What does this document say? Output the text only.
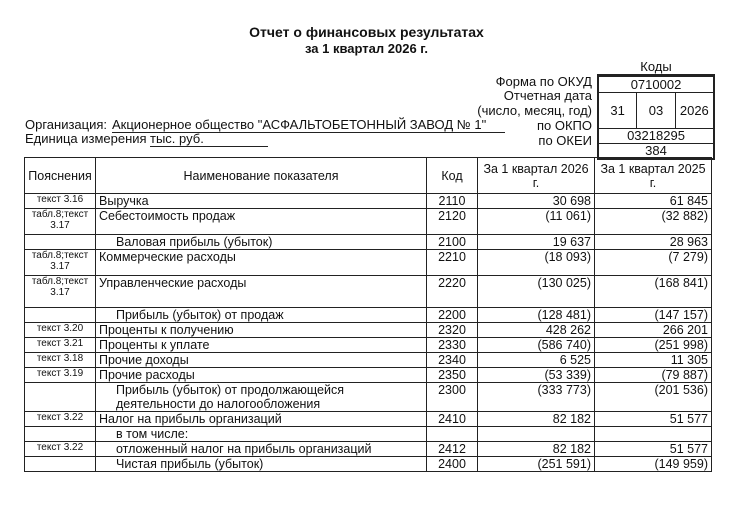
Отчет о финансовых результатах
за 1 квартал 2026 г.
Форма по ОКУД
Отчетная дата
(число, месяц, год)
по ОКПО
по ОКЕИ
Организация: Акционерное общество "АСФАЛЬТОБЕТОННЫЙ ЗАВОД № 1"
Единица измерения тыс. руб.
Коды
0710002
31	03	2026
03218295
384
Пояснения	Наименование показателя	Код	За 1 квартал 2026 г.	За 1 квартал 2025 г.
текст 3.16	Выручка	2110	30 698	61 845
табл.8;текст 3.17	Себестоимость продаж	2120	(11 061)	(32 882)
	Валовая прибыль (убыток)	2100	19 637	28 963
табл.8;текст 3.17	Коммерческие расходы	2210	(18 093)	(7 279)
табл.8;текст 3.17	Управленческие расходы	2220	(130 025)	(168 841)
	Прибыль (убыток) от продаж	2200	(128 481)	(147 157)
текст 3.20	Проценты к получению	2320	428 262	266 201
текст 3.21	Проценты к уплате	2330	(586 740)	(251 998)
текст 3.18	Прочие доходы	2340	6 525	11 305
текст 3.19	Прочие расходы	2350	(53 339)	(79 887)
	Прибыль (убыток) от продолжающейся деятельности до налогообложения	2300	(333 773)	(201 536)
текст 3.22	Налог на прибыль организаций	2410	82 182	51 577
	в том числе:			
текст 3.22	отложенный налог на прибыль организаций	2412	82 182	51 577
	Чистая прибыль (убыток)	2400	(251 591)	(149 959)
